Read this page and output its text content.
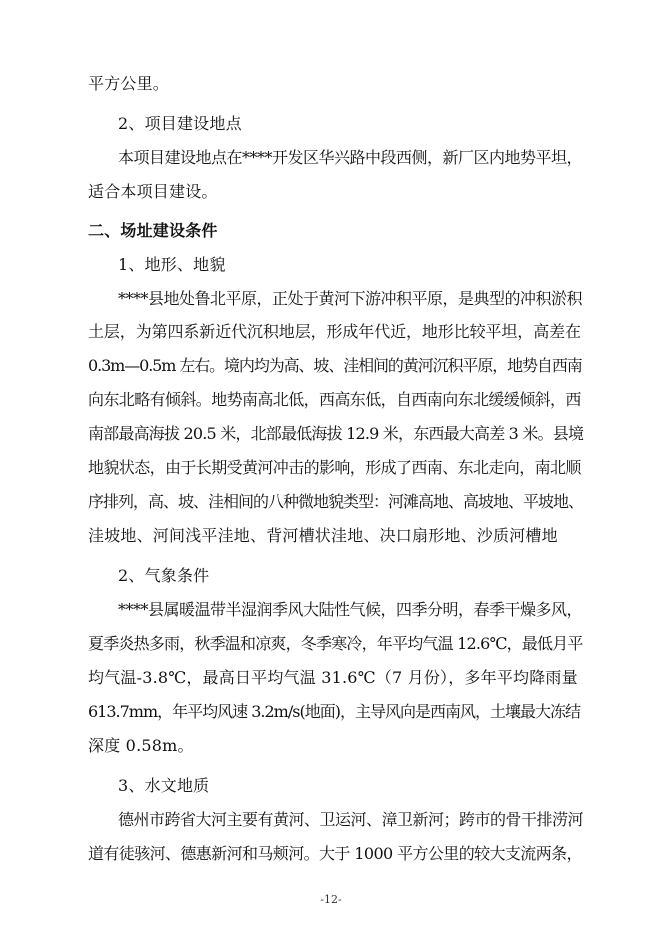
平方公里。
2、项目建设地点
本项目建设地点在****开发区华兴路中段西侧，新厂区内地势平坦，
适合本项目建设。
二、场址建设条件
1、地形、地貌
****县地处鲁北平原，正处于黄河下游冲积平原，是典型的冲积淤积
土层，为第四系新近代沉积地层，形成年代近，地形比较平坦，高差在
0.3m—0.5m 左右。境内均为高、坡、洼相间的黄河沉积平原，地势自西南
向东北略有倾斜。地势南高北低，西高东低，自西南向东北缓缓倾斜，西
南部最高海拔 20.5 米，北部最低海拔 12.9 米，东西最大高差 3 米。县境
地貌状态，由于长期受黄河冲击的影响，形成了西南、东北走向，南北顺
序排列，高、坡、洼相间的八种微地貌类型：河滩高地、高坡地、平坡地、
洼坡地、河间浅平洼地、背河槽状洼地、决口扇形地、沙质河槽地
2、气象条件
****县属暖温带半湿润季风大陆性气候，四季分明，春季干燥多风，
夏季炎热多雨，秋季温和凉爽，冬季寒冷，年平均气温 12.6℃，最低月平
均气温-3.8℃，最高日平均气温 31.6℃（7 月份），多年平均降雨量
613.7mm，年平均风速 3.2m/s(地面)，主导风向是西南风，土壤最大冻结
深度 0.58m。
3、水文地质
德州市跨省大河主要有黄河、卫运河、漳卫新河；跨市的骨干排涝河
道有徒骇河、德惠新河和马颊河。大于 1000 平方公里的较大支流两条，
-12-
